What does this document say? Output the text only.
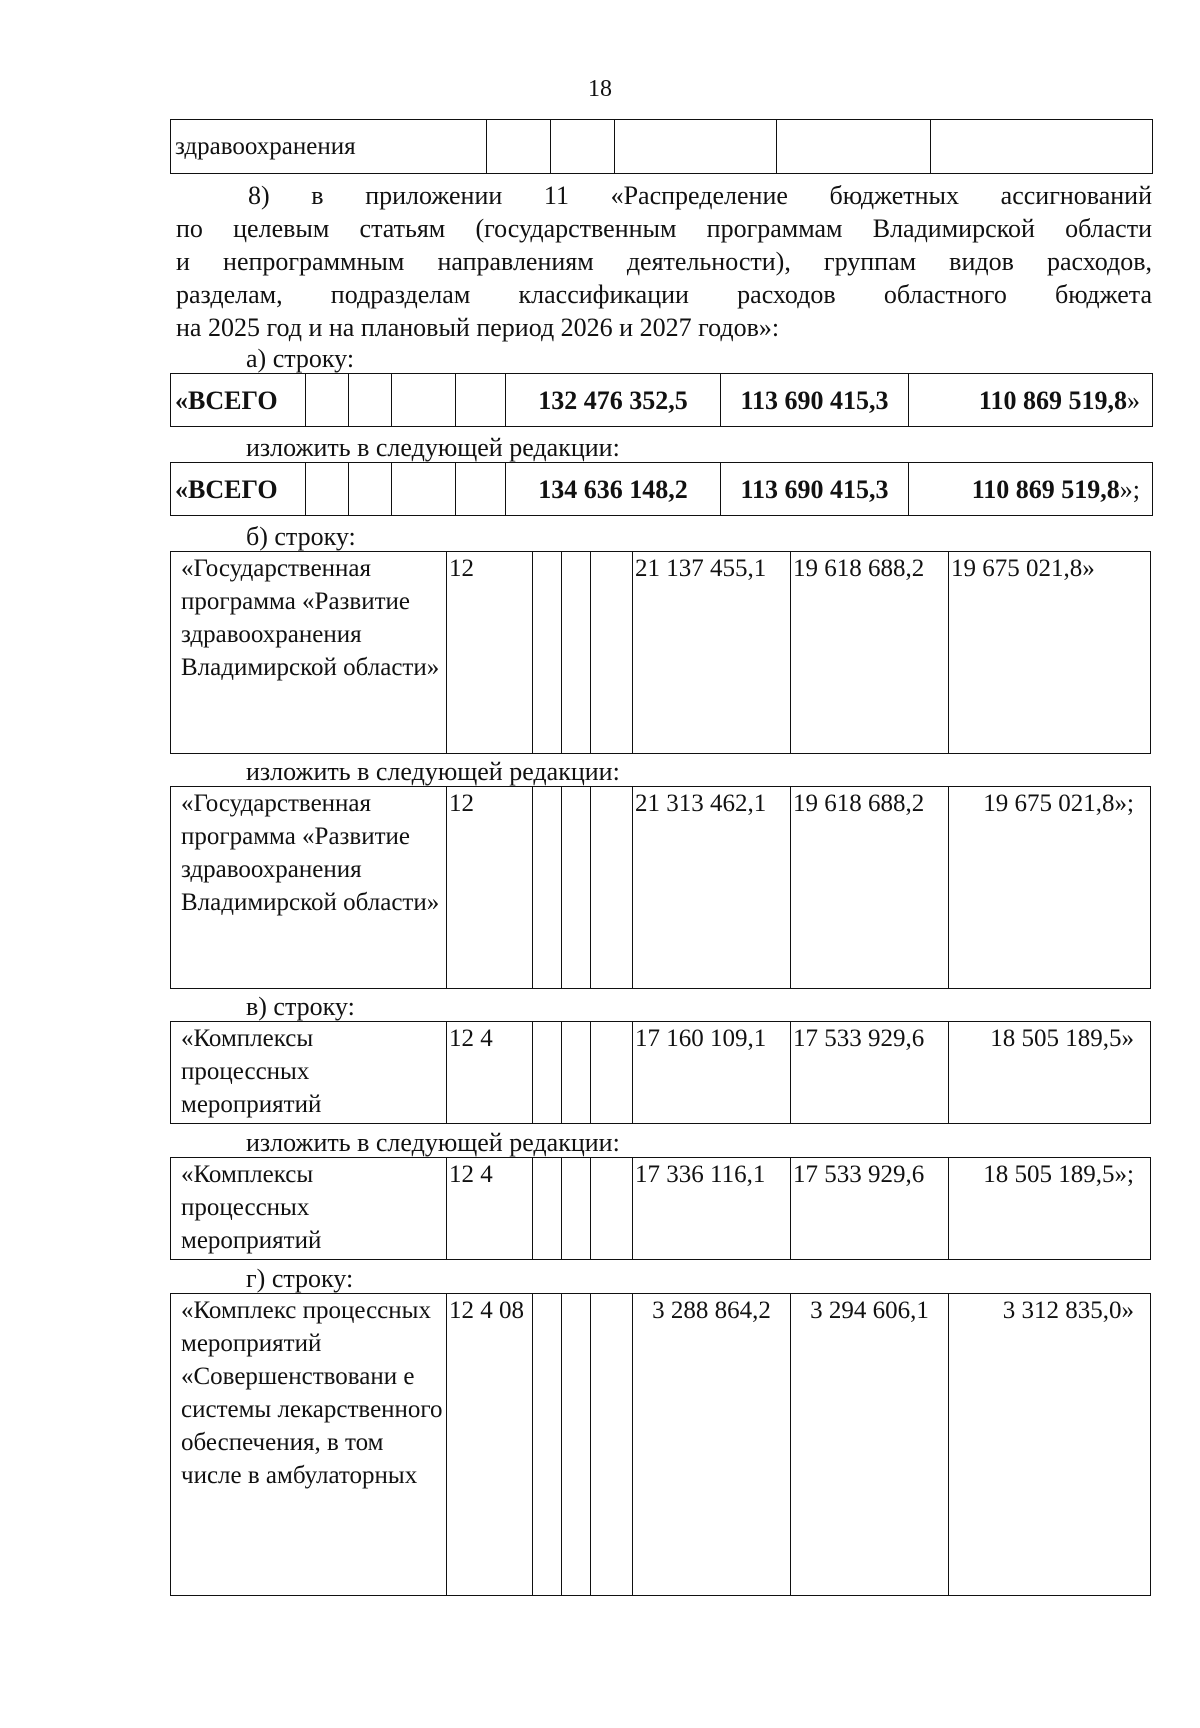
18
здравоохранения					
8) в приложении 11 «Распределение бюджетных ассигнований
по целевым статьям (государственным программам Владимирской области
и непрограммным направлениям деятельности), группам видов расходов,
разделам, подразделам классификации расходов областного бюджета
на 2025 год и на плановый период 2026 и 2027 годов»:
а) строку:
«ВСЕГО					132 476 352,5	113 690 415,3	110 869 519,8»
изложить в следующей редакции:
«ВСЕГО					134 636 148,2	113 690 415,3	110 869 519,8»;
б) строку:
«Государственная программа «Развитие здравоохранения Владимирской области»	12				21 137 455,1	19 618 688,2	19 675 021,8»
изложить в следующей редакции:
«Государственная программа «Развитие здравоохранения Владимирской области»	12				21 313 462,1	19 618 688,2	19 675 021,8»;
в) строку:
«Комплексы процессных мероприятий	12 4				17 160 109,1	17 533 929,6	18 505 189,5»
изложить в следующей редакции:
«Комплексы процессных мероприятий	12 4				17 336 116,1	17 533 929,6	18 505 189,5»;
г) строку:
«Комплекс процессных мероприятий «Совершенствовани е системы лекарственного обеспечения, в том числе в амбулаторных	12 4 08				3 288 864,2	3 294 606,1	3 312 835,0»
